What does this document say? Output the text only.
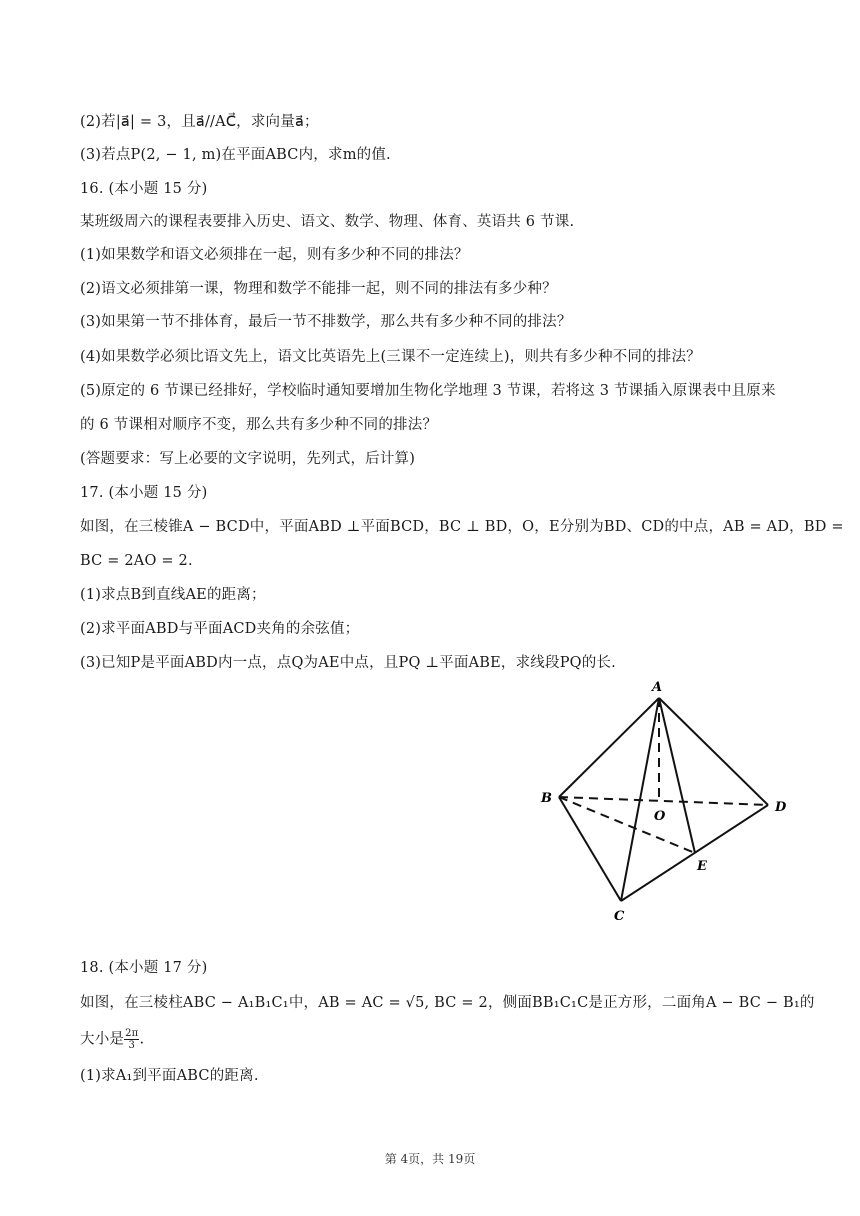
(2)若|a⃗| = 3，且a⃗//AC⃗，求向量a⃗；
(3)若点P(2, − 1, m)在平面ABC内，求m的值.
16. (本小题 15 分)
某班级周六的课程表要排入历史、语文、数学、物理、体育、英语共 6 节课.
(1)如果数学和语文必须排在一起，则有多少种不同的排法？
(2)语文必须排第一课，物理和数学不能排一起，则不同的排法有多少种？
(3)如果第一节不排体育，最后一节不排数学，那么共有多少种不同的排法？
(4)如果数学必须比语文先上，语文比英语先上(三课不一定连续上)，则共有多少种不同的排法？
(5)原定的 6 节课已经排好，学校临时通知要增加生物化学地理 3 节课，若将这 3 节课插入原课表中且原来
的 6 节课相对顺序不变，那么共有多少种不同的排法？
(答题要求：写上必要的文字说明，先列式，后计算)
17. (本小题 15 分)
如图，在三棱锥A − BCD中，平面ABD ⊥平面BCD，BC ⊥ BD，O，E分别为BD、CD的中点，AB = AD，BD =
BC = 2AO = 2.
(1)求点B到直线AE的距离；
(2)求平面ABD与平面ACD夹角的余弦值；
(3)已知P是平面ABD内一点，点Q为AE中点，且PQ ⊥平面ABE，求线段PQ的长.
A
B
C
D
E
O
18. (本小题 17 分)
如图，在三棱柱ABC − A₁B₁C₁中，AB = AC = √5, BC = 2，侧面BB₁C₁C是正方形，二面角A − BC − B₁的
大小是 $\frac{2\pi}{3}$ .
(1)求A₁到平面ABC的距离.
第 4页，共 19页
